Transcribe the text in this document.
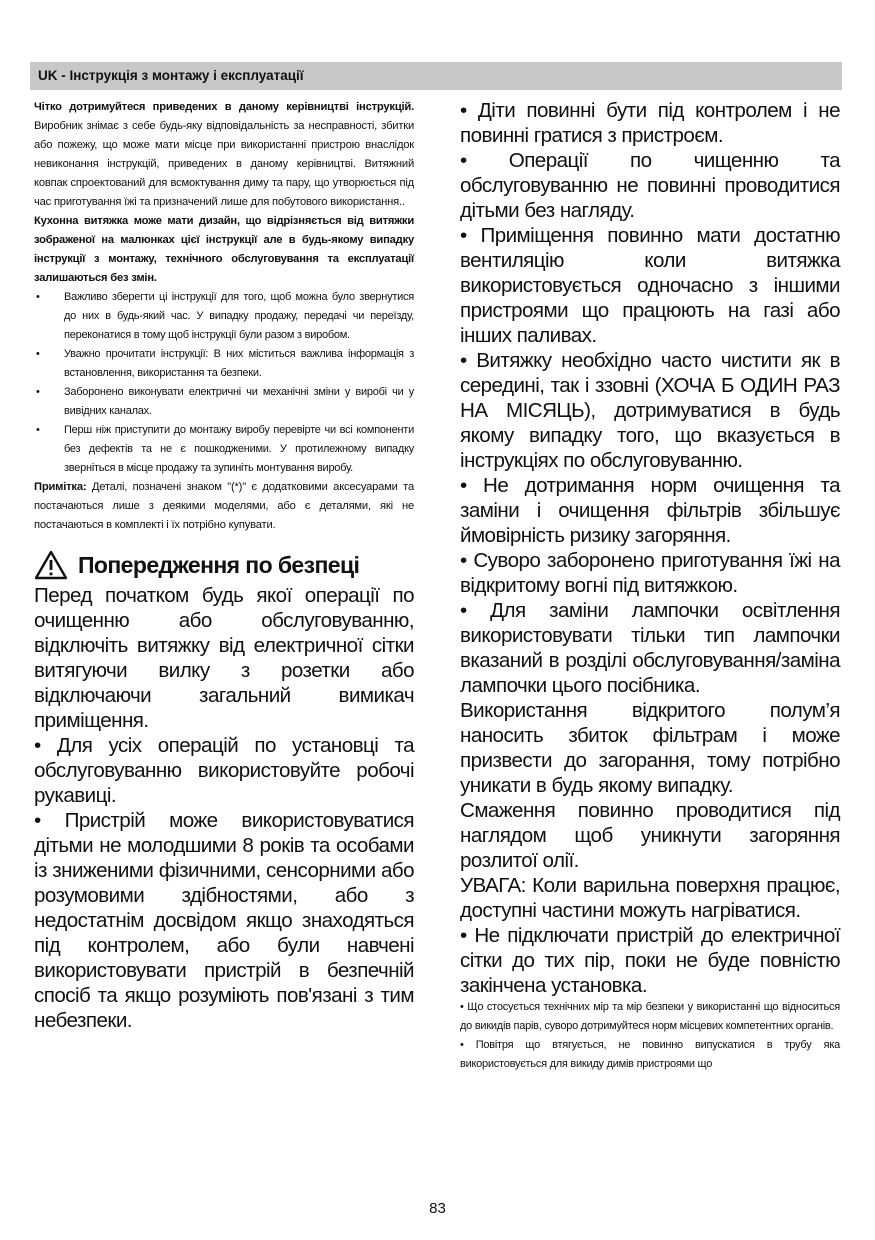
UK - Інструкція з монтажу і експлуатації

Чітко дотримуйтеся приведених в даному керівництві інструкцій. Виробник знімає з себе будь-яку відповідальність за несправності, збитки або пожежу, що може мати місце при використанні пристрою внаслідок невиконання інструкцій, приведених в даному керівництві. Витяжний ковпак спроектований для всмоктування диму та пару, що утворюється під час приготування їжі та призначений лише для побутового використання..

Кухонна витяжка може мати дизайн, що відрізняється від витяжки зображеної на малюнках цієї інструкції але в будь-якому випадку інструкції з монтажу, технічного обслуговування та експлуатації залишаються без змін.

• Важливо зберегти ці інструкції для того, щоб можна було звернутися до них в будь-який час. У випадку продажу, передачі чи переїзду, переконатися в тому щоб інструкції були разом з виробом.
• Уважно прочитати інструкції: В них міститься важлива інформація з встановлення, використання та безпеки.
• Заборонено виконувати електричні чи механічні зміни у виробі чи у вивідних каналах.
• Перш ніж приступити до монтажу виробу перевірте чи всі компоненти без дефектів та не є пошкодженими. У протилежному випадку зверніться в місце продажу та зупиніть монтування виробу.

Примітка: Деталі, позначені знаком "(*)" є додатковими аксесуарами та постачаються лише з деякими моделями, або є деталями, які не постачаються в комплекті і їх потрібно купувати.

Попередження по безпеці

Перед початком будь якої операції по очищенню або обслуговуванню, відключіть витяжку від електричної сітки витягуючи вилку з розетки або відключаючи загальний вимикач приміщення.

• Для усіх операцій по установці та обслуговуванню використовуйте робочі рукавиці.

• Пристрій може використовуватися дітьми не молодшими 8 років та особами із зниженими фізичними, сенсорними або розумовими здібностями, або з недостатнім досвідом якщо знаходяться під контролем, або були навчені використовувати пристрій в безпечній спосіб та якщо розуміють пов'язані з тим небезпеки.

• Діти повинні бути під контролем і не повинні гратися з пристроєм.

• Операції по чищенню та обслуговуванню не повинні проводитися дітьми без нагляду.

• Приміщення повинно мати достатню вентиляцію коли витяжка використовується одночасно з іншими пристроями що працюють на газі або інших паливах.

• Витяжку необхідно часто чистити як в середині, так і ззовні (ХОЧА Б ОДИН РАЗ НА МІСЯЦЬ), дотримуватися в будь якому випадку того, що вказується в інструкціях по обслуговуванню.

• Не дотримання норм очищення та заміни і очищення фільтрів збільшує ймовірність ризику загоряння.

• Суворо заборонено приготування їжі на відкритому вогні під витяжкою.

• Для заміни лампочки освітлення використовувати тільки тип лампочки вказаний в розділі обслуговування/заміна лампочки цього посібника.

Використання відкритого полум’я наносить збиток фільтрам і може призвести до загорання, тому потрібно уникати в будь якому випадку.

Смаження повинно проводитися під наглядом щоб уникнути загоряння розлитої олії.

УВАГА: Коли варильна поверхня працює, доступні частини можуть нагріватися.

• Не підключати пристрій до електричної сітки до тих пір, поки не буде повністю закінчена установка.

• Що стосується технічних мір та мір безпеки у використанні що відноситься до викидів парів, суворо дотримуйтеся норм місцевих компетентних органів.

• Повітря що втягується, не повинно випускатися в трубу яка використовується для викиду димів пристроями що

83
